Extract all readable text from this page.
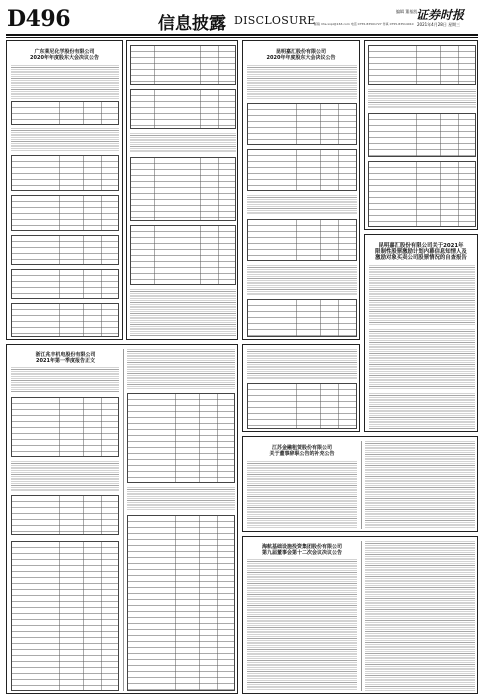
D496	信息披露 DISCLOSURE
邮箱 lrhs.xxpl@163.com 电话 0755-83501727 传真 0755-83514010
编辑 董基凯
证券时报
2021年4月28日 星期三
广东莱尼化学股份有限公司
2020年年度股东大会决议公告
浙江兆丰机电股份有限公司
2021年第一季度报告正文
昆明嘉汇股份有限公司
2020年年度股东大会决议公告
昆明嘉汇股份有限公司关于2021年
限制性股票激励计划内幕信息知情人及
激励对象买卖公司股票情况的自查报告
江苏金融租赁股份有限公司
关于董事辞职公告的补充公告
海航基础设施投资集团股份有限公司
第九届董事会第十二次会议决议公告
